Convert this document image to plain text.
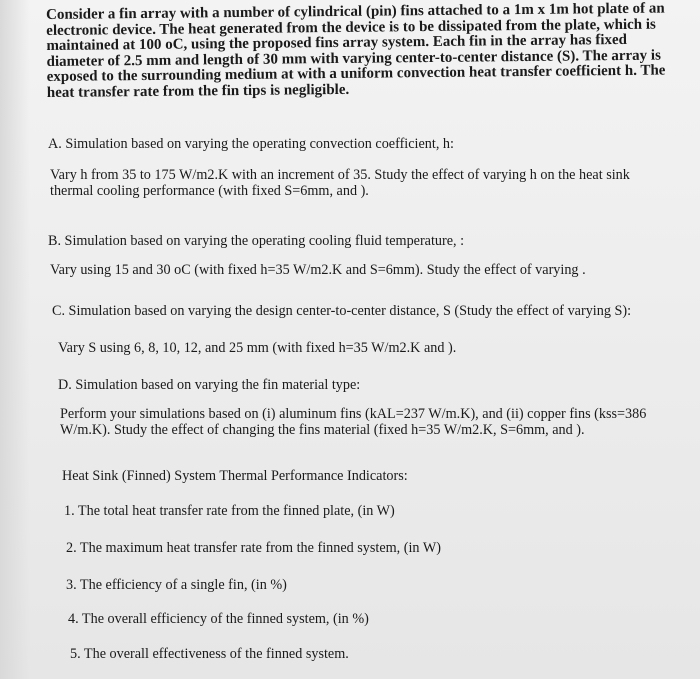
Consider a fin array with a number of cylindrical (pin) fins attached to a 1m x 1m hot plate of an electronic device. The heat generated from the device is to be dissipated from the plate, which is maintained at 100 oC, using the proposed fins array system. Each fin in the array has fixed diameter of 2.5 mm and length of 30 mm with varying center-to-center distance (S). The array is exposed to the surrounding medium at with a uniform convection heat transfer coefficient h. The heat transfer rate from the fin tips is negligible.

A. Simulation based on varying the operating convection coefficient, h:

Vary h from 35 to 175 W/m2.K with an increment of 35. Study the effect of varying h on the heat sink thermal cooling performance (with fixed S=6mm, and ).

B. Simulation based on varying the operating cooling fluid temperature, :

Vary using 15 and 30 oC (with fixed h=35 W/m2.K and S=6mm). Study the effect of varying .

C. Simulation based on varying the design center-to-center distance, S (Study the effect of varying S):

Vary S using 6, 8, 10, 12, and 25 mm (with fixed h=35 W/m2.K and ).

D. Simulation based on varying the fin material type:

Perform your simulations based on (i) aluminum fins (kAL=237 W/m.K), and (ii) copper fins (kss=386 W/m.K). Study the effect of changing the fins material (fixed h=35 W/m2.K, S=6mm, and ).

Heat Sink (Finned) System Thermal Performance Indicators:

1. The total heat transfer rate from the finned plate, (in W)

2. The maximum heat transfer rate from the finned system, (in W)

3. The efficiency of a single fin, (in %)

4. The overall efficiency of the finned system, (in %)

5. The overall effectiveness of the finned system.
